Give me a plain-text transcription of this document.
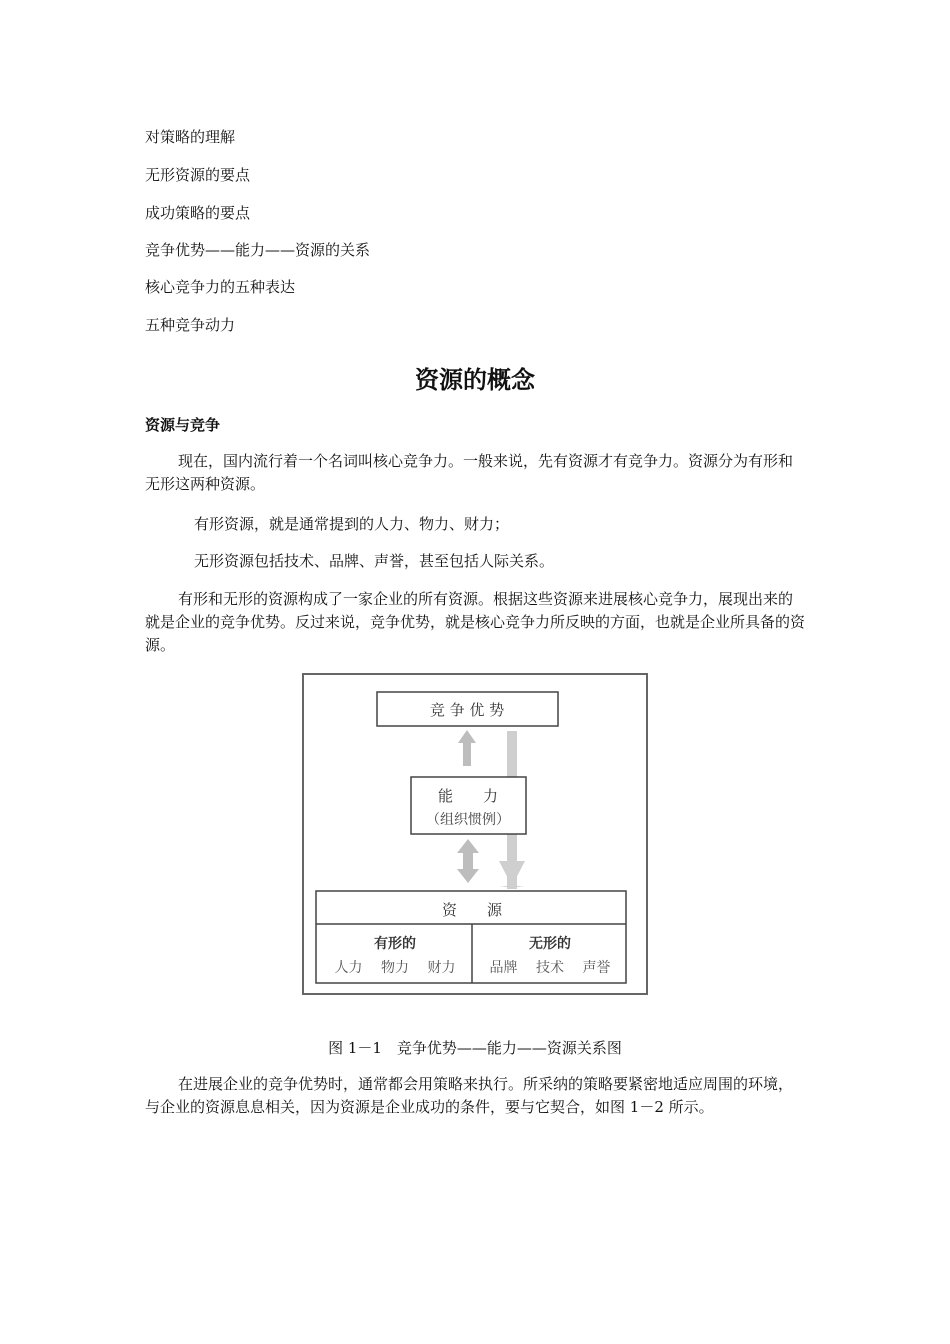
对策略的理解
无形资源的要点
成功策略的要点
竞争优势——能力——资源的关系
核心竞争力的五种表达
五种竞争动力
资源的概念
资源与竞争

现在，国内流行着一个名词叫核心竞争力。一般来说，先有资源才有竞争力。资源分为有形和无形这两种资源。

有形资源，就是通常提到的人力、物力、财力；
无形资源包括技术、品牌、声誉，甚至包括人际关系。

有形和无形的资源构成了一家企业的所有资源。根据这些资源来进展核心竞争力，展现出来的就是企业的竞争优势。反过来说，竞争优势，就是核心竞争力所反映的方面，也就是企业所具备的资源。

竞 争 优 势
能　　力
（组织惯例）
资　　源
有形的
人力　 物力　 财力
无形的
品牌　 技术　 声誉
图 1－1　竞争优势——能力——资源关系图

在进展企业的竞争优势时，通常都会用策略来执行。所采纳的策略要紧密地适应周围的环境，与企业的资源息息相关，因为资源是企业成功的条件，要与它契合，如图 1－2 所示。
